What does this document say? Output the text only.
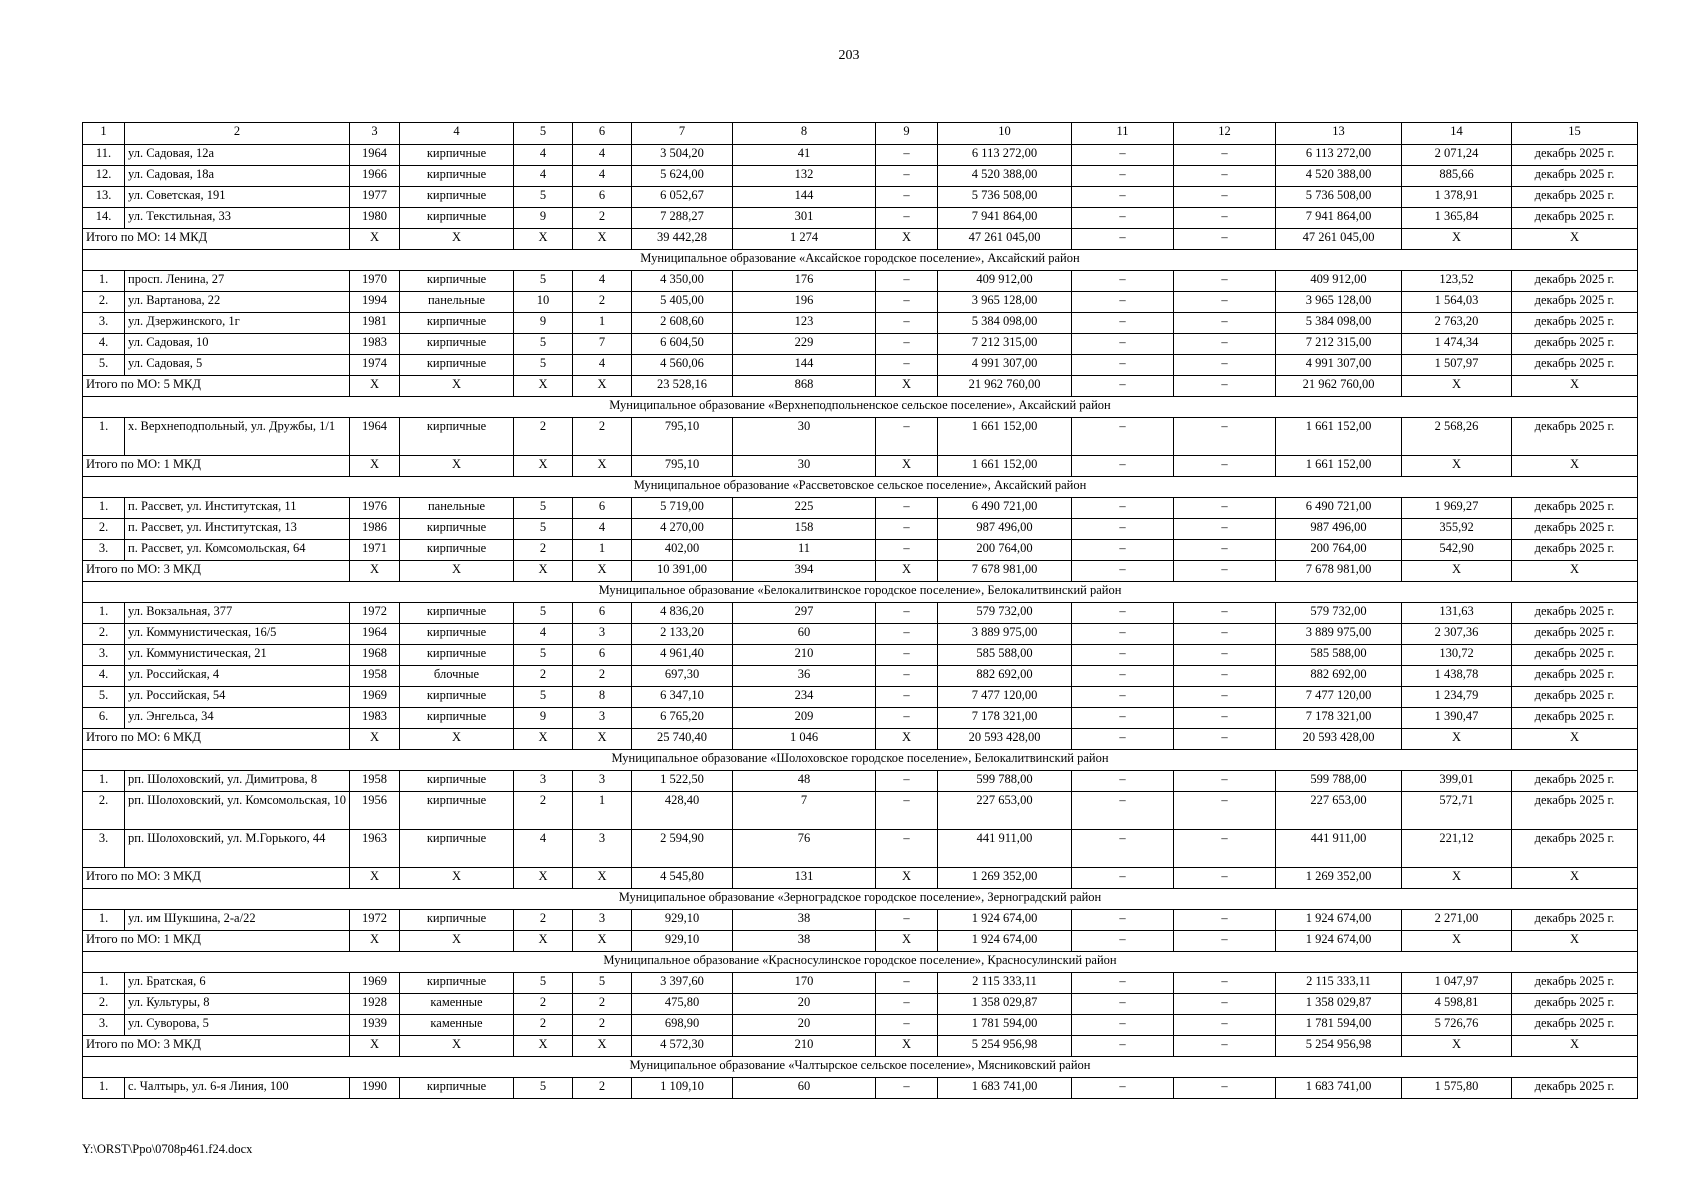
203
1	2	3	4	5	6	7	8	9	10	11	12	13	14	15
11.	ул. Садовая, 12а	1964	кирпичные	4	4	3 504,20	41	–	6 113 272,00	–	–	6 113 272,00	2 071,24	декабрь 2025 г.
12.	ул. Садовая, 18а	1966	кирпичные	4	4	5 624,00	132	–	4 520 388,00	–	–	4 520 388,00	885,66	декабрь 2025 г.
13.	ул. Советская, 191	1977	кирпичные	5	6	6 052,67	144	–	5 736 508,00	–	–	5 736 508,00	1 378,91	декабрь 2025 г.
14.	ул. Текстильная, 33	1980	кирпичные	9	2	7 288,27	301	–	7 941 864,00	–	–	7 941 864,00	1 365,84	декабрь 2025 г.
Итого по МО: 14 МКД		X	X	X	X	39 442,28	1 274	X	47 261 045,00	–	–	47 261 045,00	X	X
Муниципальное образование «Аксайское городское поселение», Аксайский район														
1.	просп. Ленина, 27	1970	кирпичные	5	4	4 350,00	176	–	409 912,00	–	–	409 912,00	123,52	декабрь 2025 г.
2.	ул. Вартанова, 22	1994	панельные	10	2	5 405,00	196	–	3 965 128,00	–	–	3 965 128,00	1 564,03	декабрь 2025 г.
3.	ул. Дзержинского, 1г	1981	кирпичные	9	1	2 608,60	123	–	5 384 098,00	–	–	5 384 098,00	2 763,20	декабрь 2025 г.
4.	ул. Садовая, 10	1983	кирпичные	5	7	6 604,50	229	–	7 212 315,00	–	–	7 212 315,00	1 474,34	декабрь 2025 г.
5.	ул. Садовая, 5	1974	кирпичные	5	4	4 560,06	144	–	4 991 307,00	–	–	4 991 307,00	1 507,97	декабрь 2025 г.
Итого по МО: 5 МКД		X	X	X	X	23 528,16	868	X	21 962 760,00	–	–	21 962 760,00	X	X
Муниципальное образование «Верхнеподпольненское сельское поселение», Аксайский район														
1.	х. Верхнеподпольный, ул. Дружбы, 1/1	1964	кирпичные	2	2	795,10	30	–	1 661 152,00	–	–	1 661 152,00	2 568,26	декабрь 2025 г.
Итого по МО: 1 МКД		X	X	X	X	795,10	30	X	1 661 152,00	–	–	1 661 152,00	X	X
Муниципальное образование «Рассветовское сельское поселение», Аксайский район														
1.	п. Рассвет, ул. Институтская, 11	1976	панельные	5	6	5 719,00	225	–	6 490 721,00	–	–	6 490 721,00	1 969,27	декабрь 2025 г.
2.	п. Рассвет, ул. Институтская, 13	1986	кирпичные	5	4	4 270,00	158	–	987 496,00	–	–	987 496,00	355,92	декабрь 2025 г.
3.	п. Рассвет, ул. Комсомольская, 64	1971	кирпичные	2	1	402,00	11	–	200 764,00	–	–	200 764,00	542,90	декабрь 2025 г.
Итого по МО: 3 МКД		X	X	X	X	10 391,00	394	X	7 678 981,00	–	–	7 678 981,00	X	X
Муниципальное образование «Белокалитвинское городское поселение», Белокалитвинский район														
1.	ул. Вокзальная, 377	1972	кирпичные	5	6	4 836,20	297	–	579 732,00	–	–	579 732,00	131,63	декабрь 2025 г.
2.	ул. Коммунистическая, 16/5	1964	кирпичные	4	3	2 133,20	60	–	3 889 975,00	–	–	3 889 975,00	2 307,36	декабрь 2025 г.
3.	ул. Коммунистическая, 21	1968	кирпичные	5	6	4 961,40	210	–	585 588,00	–	–	585 588,00	130,72	декабрь 2025 г.
4.	ул. Российская, 4	1958	блочные	2	2	697,30	36	–	882 692,00	–	–	882 692,00	1 438,78	декабрь 2025 г.
5.	ул. Российская, 54	1969	кирпичные	5	8	6 347,10	234	–	7 477 120,00	–	–	7 477 120,00	1 234,79	декабрь 2025 г.
6.	ул. Энгельса, 34	1983	кирпичные	9	3	6 765,20	209	–	7 178 321,00	–	–	7 178 321,00	1 390,47	декабрь 2025 г.
Итого по МО: 6 МКД		X	X	X	X	25 740,40	1 046	X	20 593 428,00	–	–	20 593 428,00	X	X
Муниципальное образование «Шолоховское городское поселение», Белокалитвинский район														
1.	рп. Шолоховский, ул. Димитрова, 8	1958	кирпичные	3	3	1 522,50	48	–	599 788,00	–	–	599 788,00	399,01	декабрь 2025 г.
2.	рп. Шолоховский, ул. Комсомольская, 10	1956	кирпичные	2	1	428,40	7	–	227 653,00	–	–	227 653,00	572,71	декабрь 2025 г.
3.	рп. Шолоховский, ул. М.Горького, 44	1963	кирпичные	4	3	2 594,90	76	–	441 911,00	–	–	441 911,00	221,12	декабрь 2025 г.
Итого по МО: 3 МКД		X	X	X	X	4 545,80	131	X	1 269 352,00	–	–	1 269 352,00	X	X
Муниципальное образование «Зерноградское городское поселение», Зерноградский район														
1.	ул. им Шукшина, 2-а/22	1972	кирпичные	2	3	929,10	38	–	1 924 674,00	–	–	1 924 674,00	2 271,00	декабрь 2025 г.
Итого по МО: 1 МКД		X	X	X	X	929,10	38	X	1 924 674,00	–	–	1 924 674,00	X	X
Муниципальное образование «Красносулинское городское поселение», Красносулинский район														
1.	ул. Братская, 6	1969	кирпичные	5	5	3 397,60	170	–	2 115 333,11	–	–	2 115 333,11	1 047,97	декабрь 2025 г.
2.	ул. Культуры, 8	1928	каменные	2	2	475,80	20	–	1 358 029,87	–	–	1 358 029,87	4 598,81	декабрь 2025 г.
3.	ул. Суворова, 5	1939	каменные	2	2	698,90	20	–	1 781 594,00	–	–	1 781 594,00	5 726,76	декабрь 2025 г.
Итого по МО: 3 МКД		X	X	X	X	4 572,30	210	X	5 254 956,98	–	–	5 254 956,98	X	X
Муниципальное образование «Чалтырское сельское поселение», Мясниковский район														
1.	с. Чалтырь, ул. 6-я Линия, 100	1990	кирпичные	5	2	1 109,10	60	–	1 683 741,00	–	–	1 683 741,00	1 575,80	декабрь 2025 г.
Y:\ORST\Ppo\0708p461.f24.docx
